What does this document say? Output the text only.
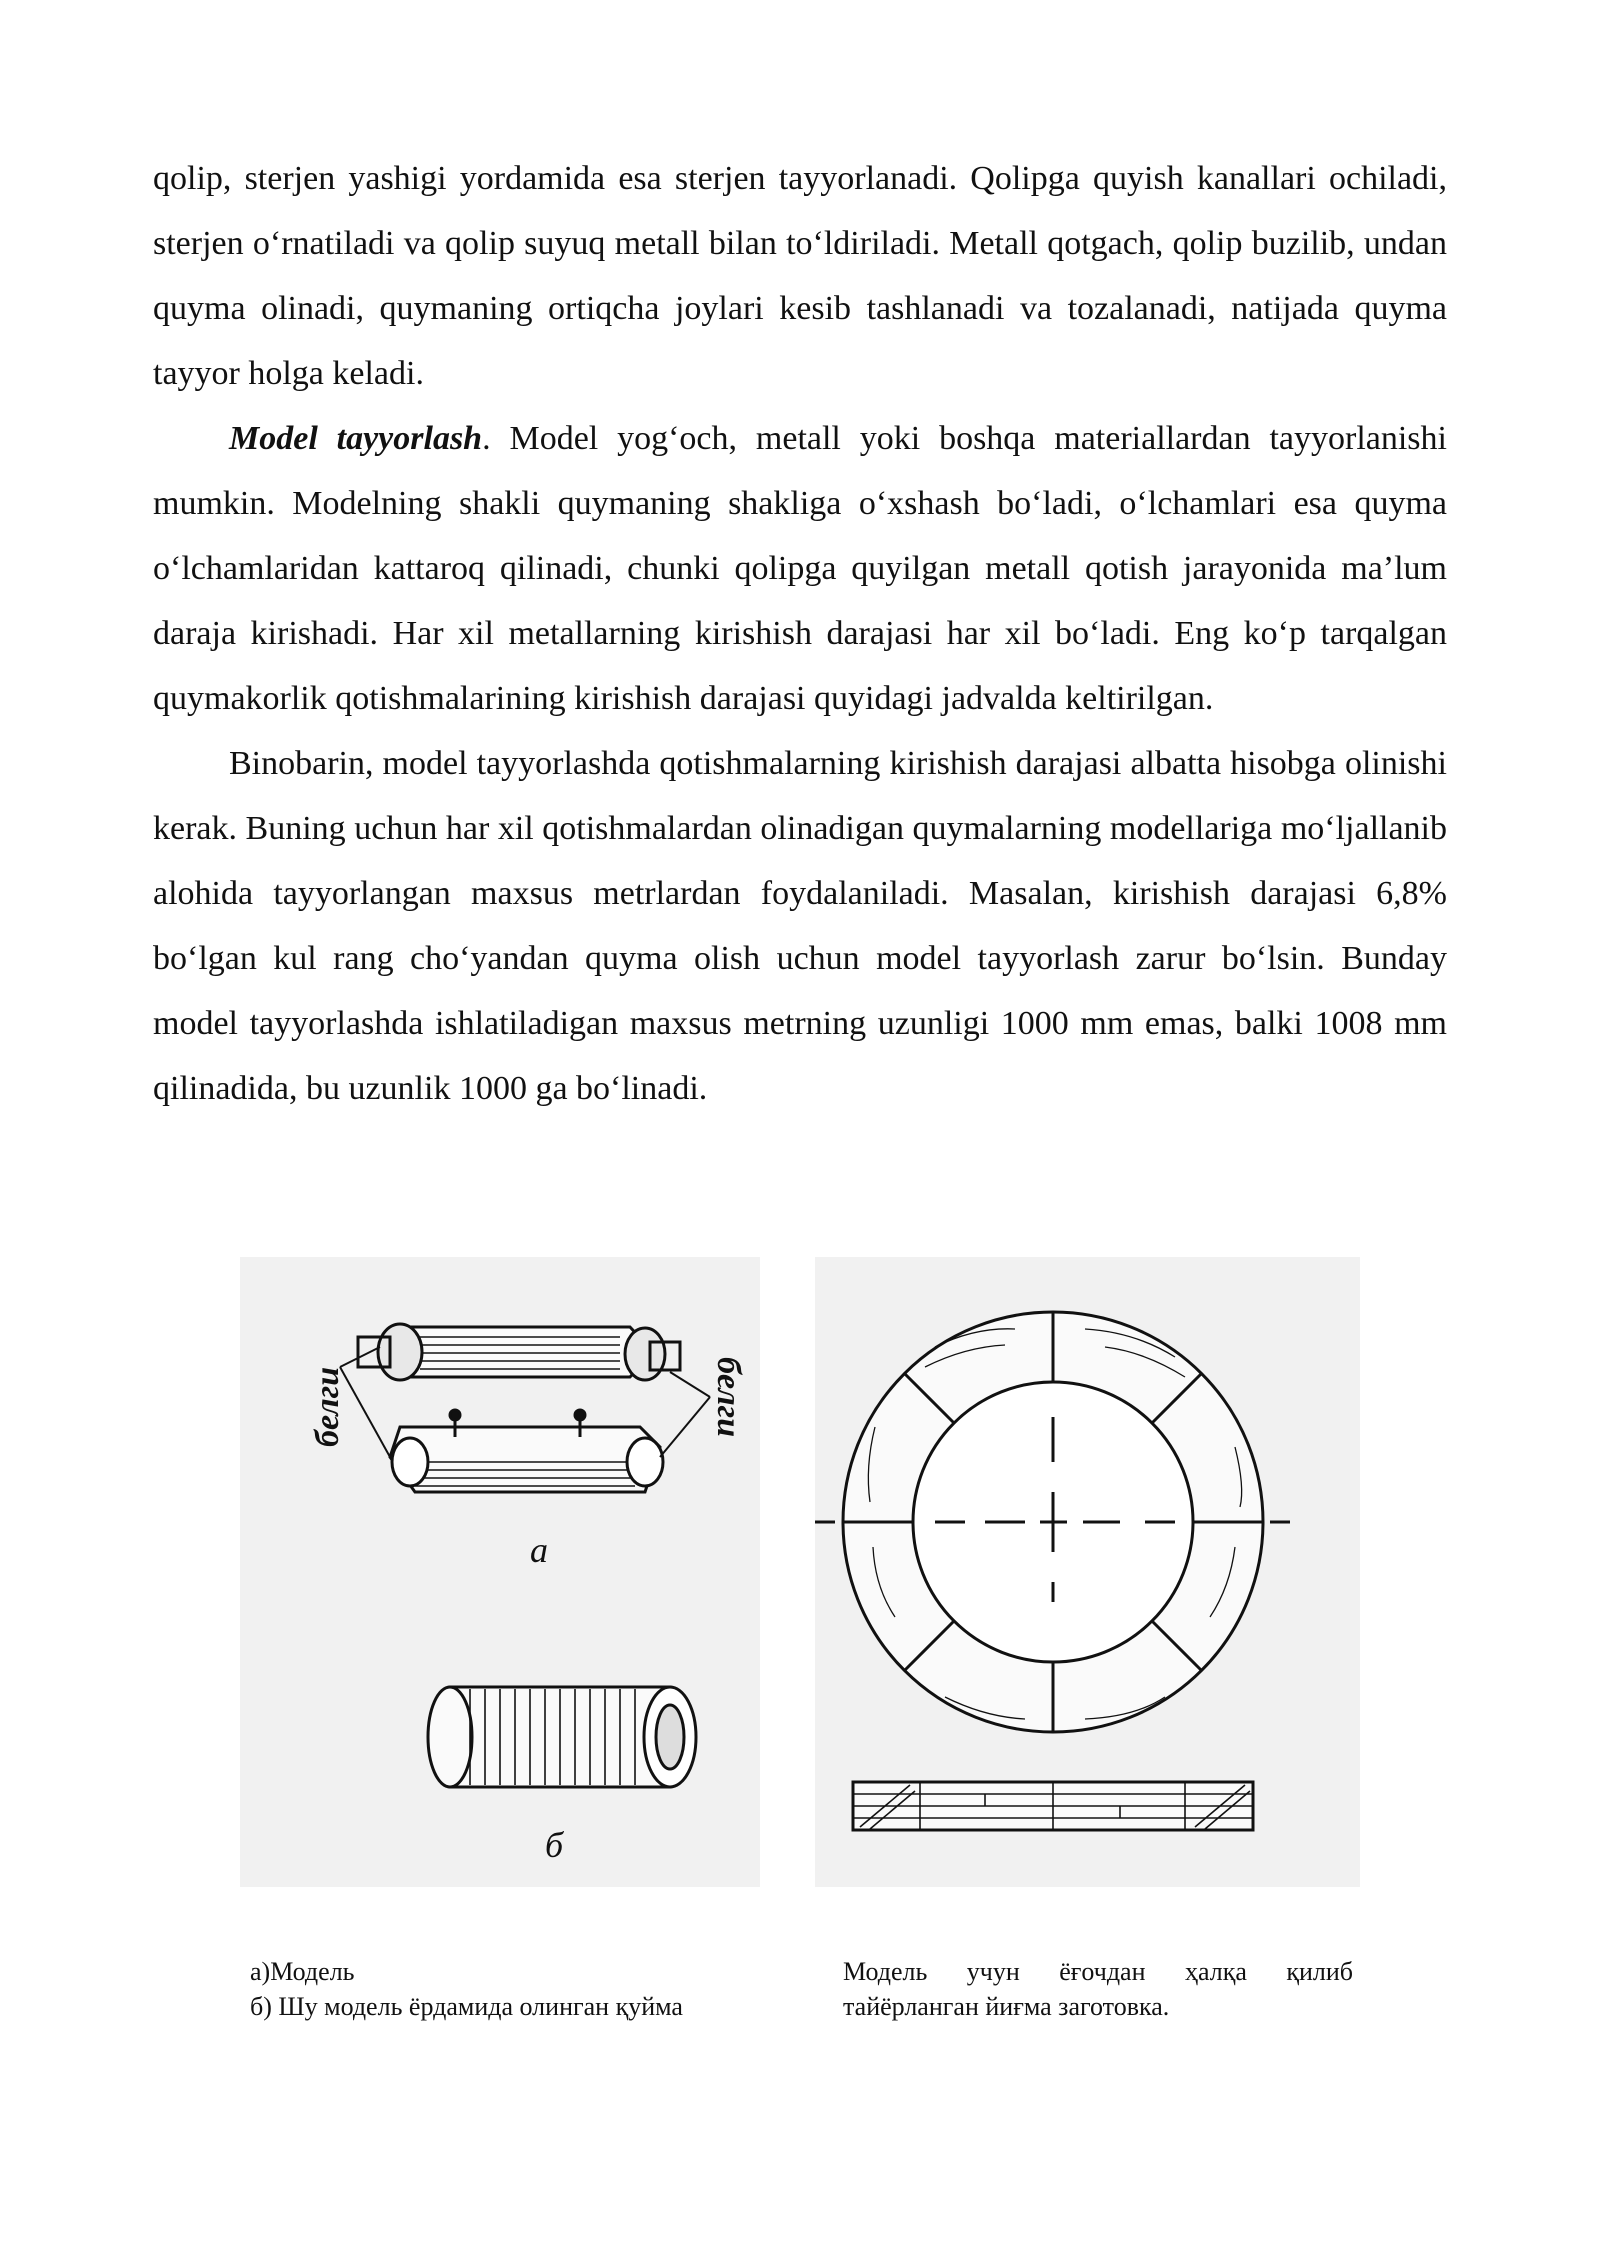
qolip, sterjen yashigi yordamida esa sterjen tayyorlanadi. Qolipga quyish kanallari ochiladi, sterjen o‘rnatiladi va qolip suyuq metall bilan to‘ldiriladi. Metall qotgach, qolip buzilib, undan quyma olinadi, quymaning ortiqcha joylari kesib tashlanadi va tozalanadi, natijada quyma tayyor holga keladi.

Model tayyorlash. Model yog‘och, metall yoki boshqa materiallardan tayyorlanishi mumkin. Modelning shakli quymaning shakliga o‘xshash bo‘ladi, o‘lchamlari esa quyma o‘lchamlaridan kattaroq qilinadi, chunki qolipga quyilgan metall qotish jarayonida ma’lum daraja kirishadi. Har xil metallarning kirishish darajasi har xil bo‘ladi. Eng ko‘p tarqalgan quymakorlik qotishmalarining kirishish darajasi quyidagi jadvalda keltirilgan.

Binobarin, model tayyorlashda qotishmalarning kirishish darajasi albatta hisobga olinishi kerak. Buning uchun har xil qotishmalardan olinadigan quymalarning modellariga mo‘ljallanib alohida tayyorlangan maxsus metrlardan foydalaniladi. Masalan, kirishish darajasi 6,8% bo‘lgan kul rang cho‘yandan quyma olish uchun model tayyorlash zarur bo‘lsin. Bunday model tayyorlashda ishlatiladigan maxsus metrning uzunligi 1000 mm emas, balki 1008 mm qilinadida, bu uzunlik 1000 ga bo‘linadi.

белги	белги
а
б
а)Модель
б) Шу модель ёрдамида олинган қуйма
Модель учун ёғочдан ҳалқа қилиб тайёрланган йиғма заготовка.
